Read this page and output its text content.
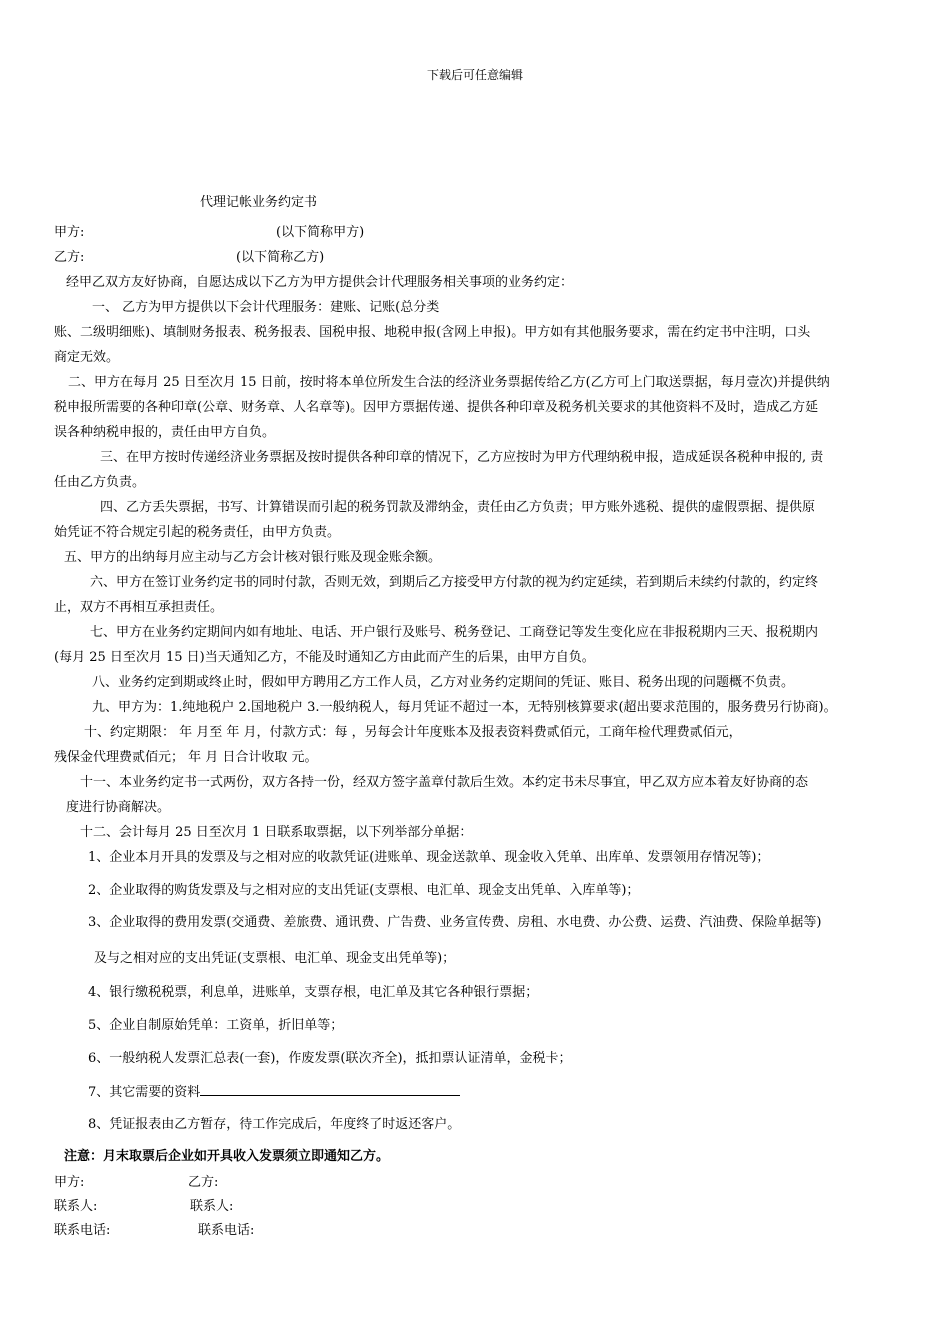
下载后可任意编辑
代理记帐业务约定书
甲方:	(以下简称甲方)
乙方:	(以下简称乙方)
经甲乙双方友好协商，自愿达成以下乙方为甲方提供会计代理服务相关事项的业务约定：
一、 乙方为甲方提供以下会计代理服务：建账、记账(总分类
账、二级明细账)、填制财务报表、税务报表、国税申报、地税申报(含网上申报)。甲方如有其他服务要求，需在约定书中注明，口头
商定无效。
二、甲方在每月 25 日至次月 15 日前，按时将本单位所发生合法的经济业务票据传给乙方(乙方可上门取送票据，每月壹次)并提供纳
税申报所需要的各种印章(公章、财务章、人名章等)。因甲方票据传递、提供各种印章及税务机关要求的其他资料不及时，造成乙方延
误各种纳税申报的，责任由甲方自负。
三、在甲方按时传递经济业务票据及按时提供各种印章的情况下，乙方应按时为甲方代理纳税申报，造成延误各税种申报的, 责
任由乙方负责。
四、乙方丢失票据，书写、计算错误而引起的税务罚款及滞纳金，责任由乙方负责；甲方账外逃税、提供的虚假票据、提供原
始凭证不符合规定引起的税务责任，由甲方负责。
五、甲方的出纳每月应主动与乙方会计核对银行账及现金账余额。
六、甲方在签订业务约定书的同时付款，否则无效，到期后乙方接受甲方付款的视为约定延续，若到期后未续约付款的，约定终
止，双方不再相互承担责任。
七、甲方在业务约定期间内如有地址、电话、开户银行及账号、税务登记、工商登记等发生变化应在非报税期内三天、报税期内
(每月 25 日至次月 15 日)当天通知乙方，不能及时通知乙方由此而产生的后果，由甲方自负。
八、业务约定到期或终止时，假如甲方聘用乙方工作人员，乙方对业务约定期间的凭证、账目、税务出现的问题概不负责。
九、甲方为：1.纯地税户 2.国地税户 3.一般纳税人，每月凭证不超过一本，无特别核算要求(超出要求范围的，服务费另行协商)。
十、约定期限： 年 月至 年 月，付款方式：每 ，另每会计年度账本及报表资料费贰佰元，工商年检代理费贰佰元，
残保金代理费贰佰元； 年 月 日合计收取 元。
十一、本业务约定书一式两份，双方各持一份，经双方签字盖章付款后生效。本约定书未尽事宜，甲乙双方应本着友好协商的态
度进行协商解决。
十二、会计每月 25 日至次月 1 日联系取票据，以下列举部分单据：
1、企业本月开具的发票及与之相对应的收款凭证(进账单、现金送款单、现金收入凭单、出库单、发票领用存情况等)；
2、企业取得的购货发票及与之相对应的支出凭证(支票根、电汇单、现金支出凭单、入库单等)；
3、企业取得的费用发票(交通费、差旅费、通讯费、广告费、业务宣传费、房租、水电费、办公费、运费、汽油费、保险单据等)
及与之相对应的支出凭证(支票根、电汇单、现金支出凭单等)；
4、银行缴税税票，利息单，进账单，支票存根，电汇单及其它各种银行票据；
5、企业自制原始凭单：工资单，折旧单等；
6、一般纳税人发票汇总表(一套)，作废发票(联次齐全)，抵扣票认证清单，金税卡；
7、其它需要的资料
8、凭证报表由乙方暂存，待工作完成后，年度终了时返还客户。
注意：月末取票后企业如开具收入发票须立即通知乙方。
甲方:	乙方:
联系人:	联系人:
联系电话:	联系电话:
